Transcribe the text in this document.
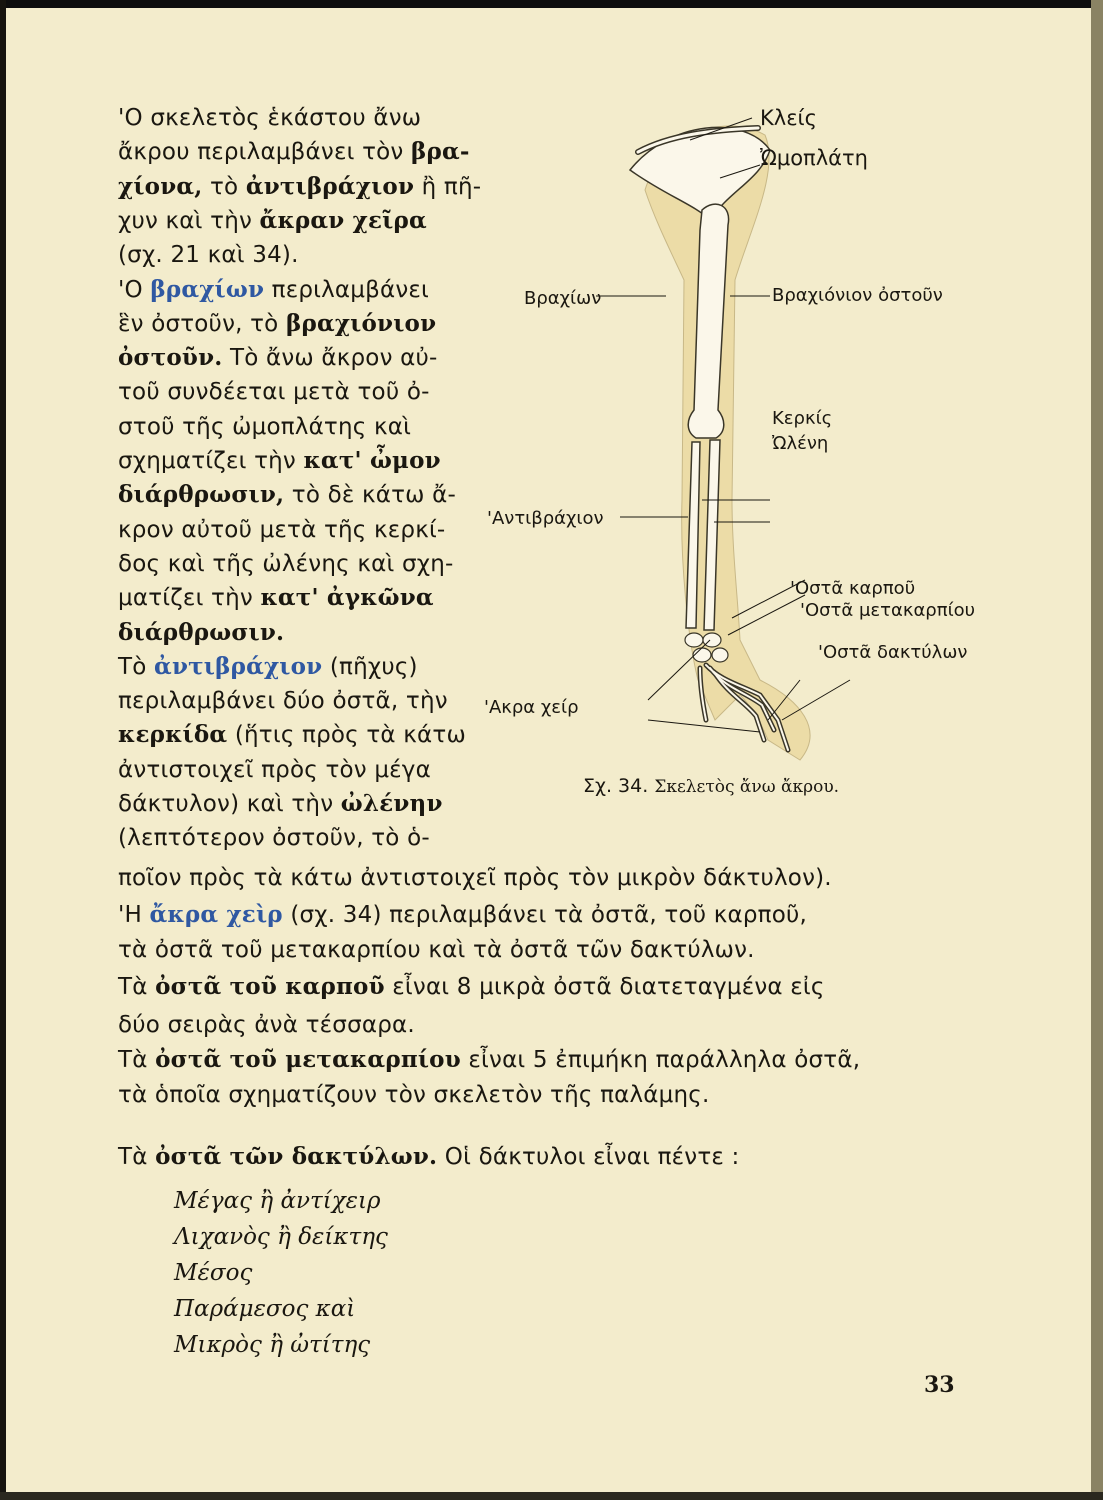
'Ο σκελετὸς ἑκάστου ἄνω
ἄκρου περιλαμβάνει τὸν βρα-
χίονα, τὸ ἀντιβράχιον ἢ πῆ-
χυν καὶ τὴν ἄκραν χεῖρα
(σχ. 21 καὶ 34).
'Ο βραχίων περιλαμβάνει
ἓν ὀστοῦν, τὸ βραχιόνιον
ὀστοῦν. Τὸ ἄνω ἄκρον αὐ-
τοῦ συνδέεται μετὰ τοῦ ὀ-
στοῦ τῆς ὠμοπλάτης καὶ
σχηματίζει τὴν κατ' ὦμον
διάρθρωσιν, τὸ δὲ κάτω ἄ-
κρον αὐτοῦ μετὰ τῆς κερκί-
δος καὶ τῆς ὠλένης καὶ σχη-
ματίζει τὴν κατ' ἀγκῶνα
διάρθρωσιν.
Τὸ ἀντιβράχιον (πῆχυς)
περιλαμβάνει δύο ὀστᾶ, τὴν
κερκίδα (ἥτις πρὸς τὰ κάτω
ἀντιστοιχεῖ πρὸς τὸν μέγα
δάκτυλον) καὶ τὴν ὠλένην
(λεπτότερον ὀστοῦν, τὸ ὁ-
ποῖον πρὸς τὰ κάτω ἀντιστοιχεῖ πρὸς τὸν μικρὸν δάκτυλον).
'Η ἄκρα χεὶρ (σχ. 34) περιλαμβάνει τὰ ὀστᾶ, τοῦ καρποῦ,
τὰ ὀστᾶ τοῦ μετακαρπίου καὶ τὰ ὀστᾶ τῶν δακτύλων.
Τὰ ὀστᾶ τοῦ καρποῦ εἶναι 8 μικρὰ ὀστᾶ διατεταγμένα εἰς
δύο σειρὰς ἀνὰ τέσσαρα.
Τὰ ὀστᾶ τοῦ μετακαρπίου εἶναι 5 ἐπιμήκη παράλληλα ὀστᾶ,
τὰ ὁποῖα σχηματίζουν τὸν σκελετὸν τῆς παλάμης.
Τὰ ὀστᾶ τῶν δακτύλων. Οἱ δάκτυλοι εἶναι πέντε :
Μέγας ἢ ἀντίχειρ
Λιχανὸς ἢ δείκτης
Μέσος
Παράμεσος καὶ
Μικρὸς ἢ ὠτίτης
Κλείς
Ὠμοπλάτη
Βραχίων	Βραχιόνιον ὀστοῦν
Κερκίς
Ὠλένη
'Αντιβράχιον
'Οστᾶ καρποῦ
'Οστᾶ μετακαρπίου
'Οστᾶ δακτύλων
'Ακρα χείρ
Σχ. 34. Σκελετὸς ἄνω ἄκρου.
33
